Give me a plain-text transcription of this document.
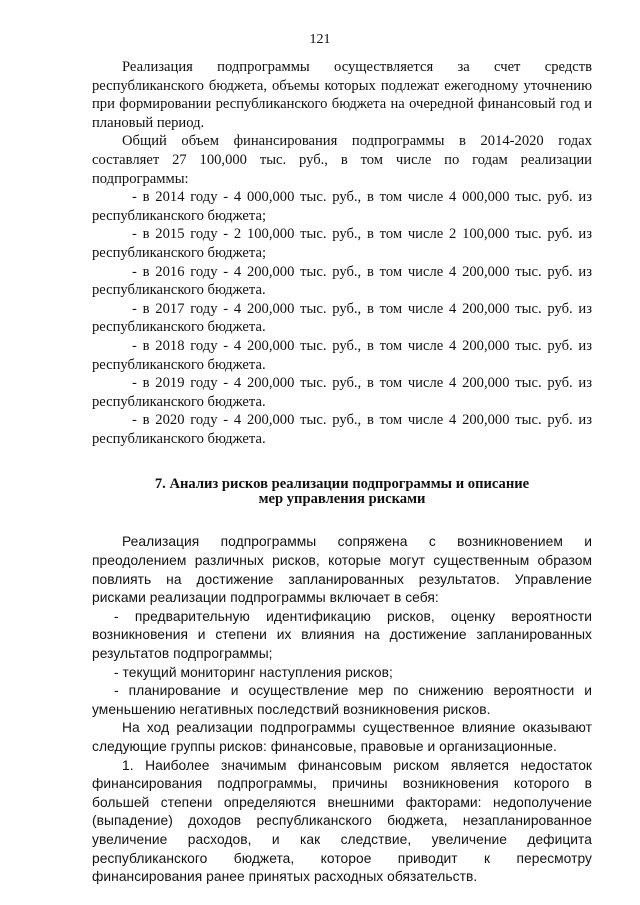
121

Реализация подпрограммы осуществляется за счет средств республиканского бюджета, объемы которых подлежат ежегодному уточнению при формировании республиканского бюджета на очередной финансовый год и плановый период.

Общий объем финансирования подпрограммы в 2014-2020 годах составляет 27 100,000 тыс. руб., в том числе по годам реализации подпрограммы:

- в 2014 году - 4 000,000 тыс. руб., в том числе 4 000,000 тыс. руб. из республиканского бюджета;

- в 2015 году - 2 100,000 тыс. руб., в том числе 2 100,000 тыс. руб. из республиканского бюджета;

- в 2016 году - 4 200,000 тыс. руб., в том числе 4 200,000 тыс. руб. из республиканского бюджета.

- в 2017 году - 4 200,000 тыс. руб., в том числе 4 200,000 тыс. руб. из республиканского бюджета.

- в 2018 году - 4 200,000 тыс. руб., в том числе 4 200,000 тыс. руб. из республиканского бюджета.

- в 2019 году - 4 200,000 тыс. руб., в том числе 4 200,000 тыс. руб. из республиканского бюджета.

- в 2020 году - 4 200,000 тыс. руб., в том числе 4 200,000 тыс. руб. из республиканского бюджета.

7. Анализ рисков реализации подпрограммы и описание
мер управления рисками

Реализация подпрограммы сопряжена с возникновением и преодолением различных рисков, которые могут существенным образом повлиять на достижение запланированных результатов. Управление рисками реализации подпрограммы включает в себя:

- предварительную идентификацию рисков, оценку вероятности возникновения и степени их влияния на достижение запланированных результатов подпрограммы;

- текущий мониторинг наступления рисков;

- планирование и осуществление мер по снижению вероятности и уменьшению негативных последствий возникновения рисков.

На ход реализации подпрограммы существенное влияние оказывают следующие группы рисков: финансовые, правовые и организационные.

1. Наиболее значимым финансовым риском является недостаток финансирования подпрограммы, причины возникновения которого в большей степени определяются внешними факторами: недополучение (выпадение) доходов республиканского бюджета, незапланированное увеличение расходов, и как следствие, увеличение дефицита республиканского бюджета, которое приводит к пересмотру финансирования ранее принятых расходных обязательств.
